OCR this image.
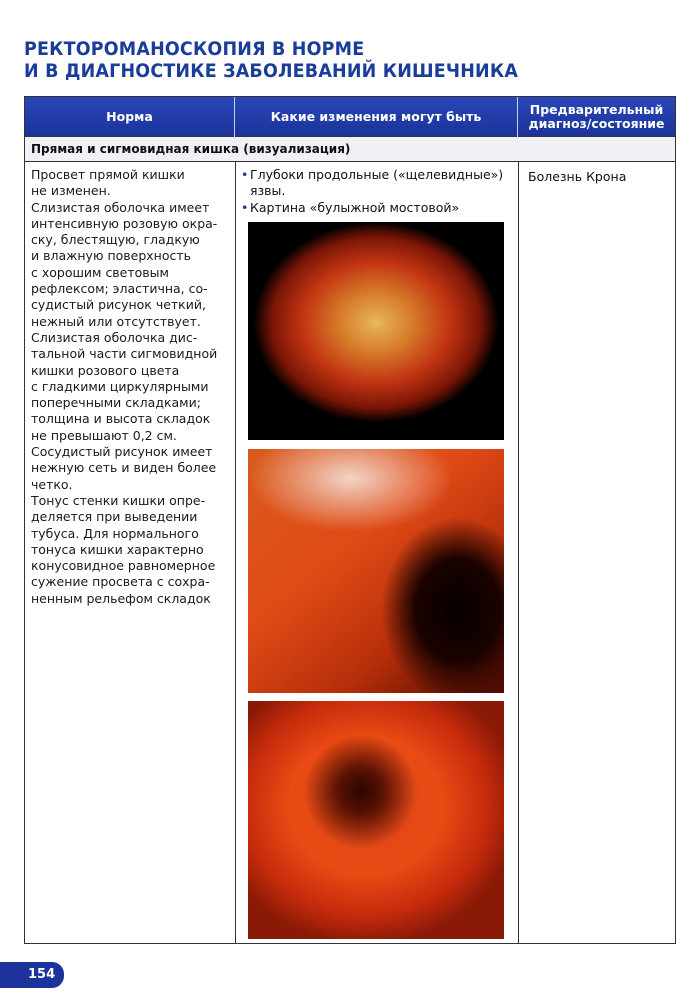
РЕКТОРОМАНОСКОПИЯ В НОРМЕ
И В ДИАГНОСТИКЕ ЗАБОЛЕВАНИЙ КИШЕЧНИКА
Норма	Какие изменения могут быть	Предварительный
диагноз/состояние
Прямая и сигмовидная кишка (визуализация)
Просвет прямой кишки
не изменен.
Слизистая оболочка имеет
интенсивную розовую окра-
ску, блестящую, гладкую
и влажную поверхность
с хорошим световым
рефлексом; эластична, со-
судистый рисунок четкий,
нежный или отсутствует.
Слизистая оболочка дис-
тальной части сигмовидной
кишки розового цвета
с гладкими циркулярными
поперечными складками;
толщина и высота складок
не превышают 0,2 см.
Сосудистый рисунок имеет
нежную сеть и виден более
четко.
Тонус стенки кишки опре-
деляется при выведении
тубуса. Для нормального
тонуса кишки характерно
конусовидное равномерное
сужение просвета с сохра-
ненным рельефом складок
• Глубоки продольные («щелевидные»)
язвы.
• Картина «булыжной мостовой»
Болезнь Крона
154
